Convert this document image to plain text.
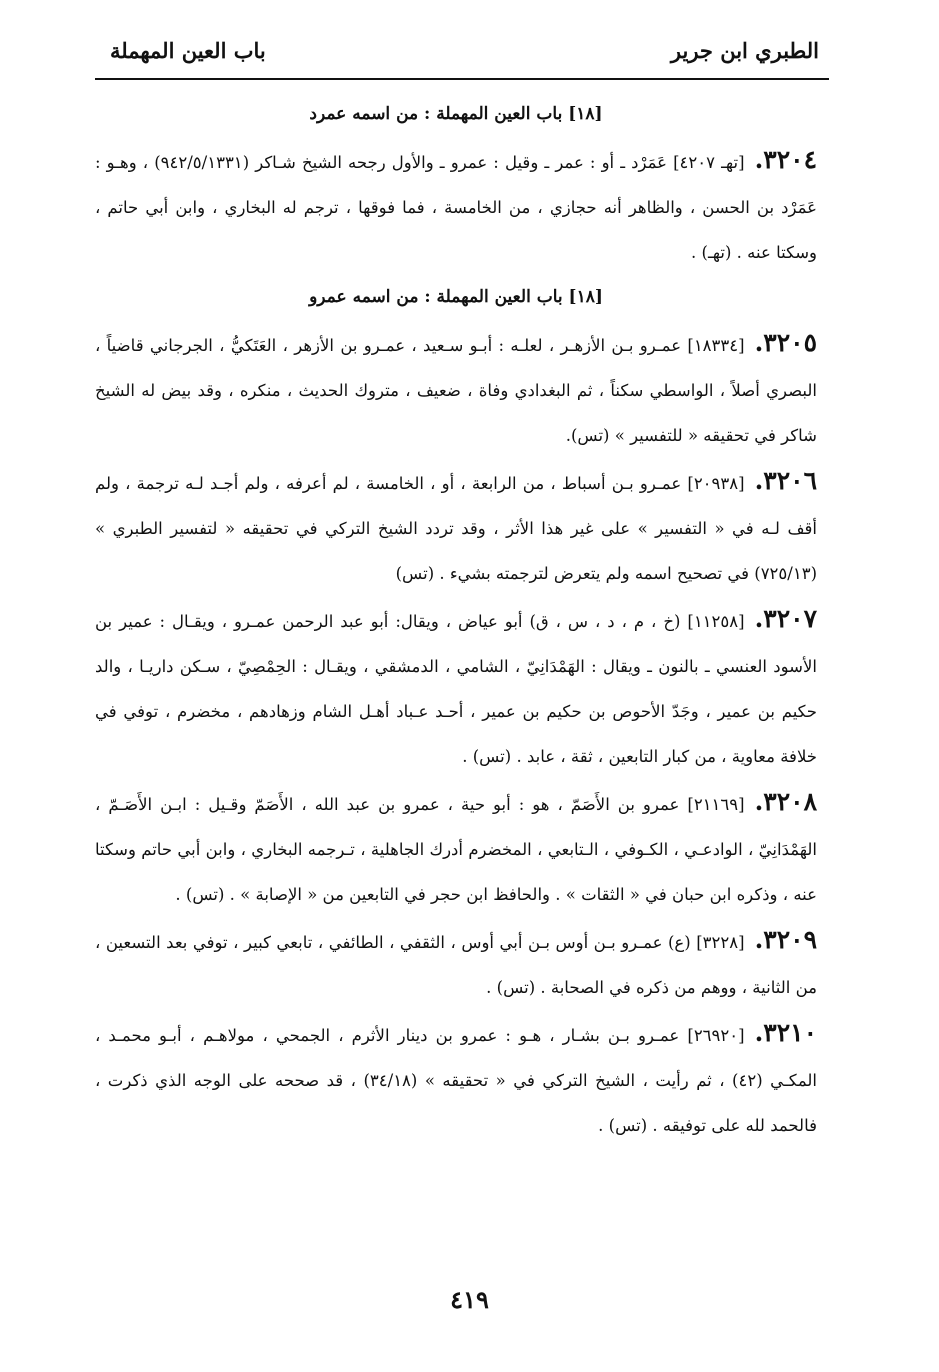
الطبري ابن جرير
باب العين المهملة
[١٨] باب العين المهملة : من اسمه عمرد

٣٢٠٤.[تهـ ٤٢٠٧] عَمَرْد ـ أو : عمر ـ وقيل : عمرو ـ والأول رجحه الشيخ شـاكر (٩٤٢/٥/١٣٣١) ، وهـو : عَمَرْد بن الحسن ، والظاهر أنه حجازي ، من الخامسة ، فما فوقها ، ترجم له البخاري ، وابن أبي حاتم ، وسكتا عنه . (تهـ) .

[١٨] باب العين المهملة : من اسمه عمرو

٣٢٠٥.[١٨٣٣٤] عمـرو بـن الأزهـر ، لعلـه : أبـو سـعيد ، عمـرو بن الأزهر ، العَتَكيُّ ، الجرجاني قاضياً ، البصري أصلاً ، الواسطي سكناً ، ثم البغدادي وفاة ، ضعيف ، متروك الحديث ، منكره ، وقد بيض له الشيخ شاكر في تحقيقه « للتفسير » (تس).

٣٢٠٦.[٢٠٩٣٨] عمـرو بـن أسباط ، من الرابعة ، أو ، الخامسة ، لم أعرفه ، ولم أجـد لـه ترجمة ، ولم أقف لـه في « التفسير » على غير هذا الأثر ، وقد تردد الشيخ التركي في تحقيقه « لتفسير الطبري » (٧٢٥/١٣) في تصحيح اسمه ولم يتعرض لترجمته بشيء . (تس)

٣٢٠٧.[١١٢٥٨] (خ ، م ، د ، س ، ق) أبو عياض ، ويقال: أبو عبد الرحمن عمـرو ، ويقـال : عمير بن الأسود العنسي ـ بالنون ـ ويقال : الهَمْدَانِيّ ، الشامي ، الدمشقي ، ويقـال : الحِمْصِيّ ، سـكن داريـا ، والد حكيم بن عمير ، وجَدّ الأحوص بن حكيم بن عمير ، أحـد عـباد أهـل الشام وزهادهم ، مخضرم ، توفي في خلافة معاوية ، من كبار التابعين ، ثقة ، عابد . (تس) .

٣٢٠٨.[٢١١٦٩] عمرو بن الأَصَمّ ، هو : أبو حية ، عمرو بن عبد الله ، الأَصَمّ وقـيل : ابـن الأَصَـمّ ، الهَمْدَانِيّ ، الوادعـي ، الكـوفي ، الـتابعي ، المخضرم أدرك الجاهلية ، تـرجمه البخاري ، وابن أبي حاتم وسكتا عنه ، وذكره ابن حبان في « الثقات » . والحافظ ابن حجر في التابعين من « الإصابة » . (تس) .

٣٢٠٩.[٣٢٢٨] (ع) عمـرو بـن أوس بـن أبي أوس ، الثقفي ، الطائفي ، تابعي كبير ، توفي بعد التسعين ، من الثانية ، ووهم من ذكره في الصحابة . (تس) .

٣٢١٠.[٢٦٩٢٠] عمـرو بـن بشـار ، هـو : عمرو بن دينار الأثرم ، الجمحي ، مولاهـم ، أبـو محمـد ، المكـي (٤٢) ، ثم رأيت ، الشيخ التركي في « تحقيقه » (٣٤/١٨) ، قد صححه على الوجه الذي ذكرت ، فالحمد لله على توفيقه . (تس) .

٤١٩
